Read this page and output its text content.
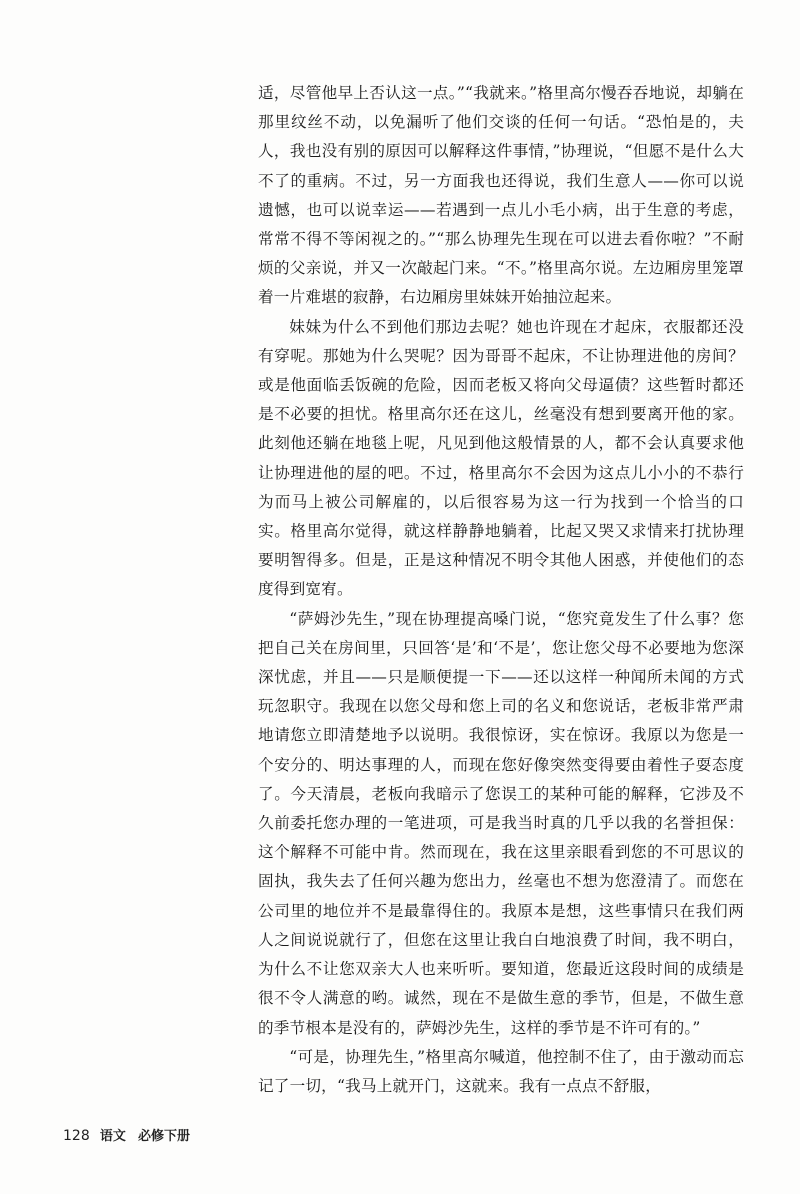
适，尽管他早上否认这一点。”“我就来。”格里高尔慢吞吞地说，却躺在那里纹丝不动，以免漏听了他们交谈的任何一句话。“恐怕是的，夫人，我也没有别的原因可以解释这件事情，”协理说，“但愿不是什么大不了的重病。不过，另一方面我也还得说，我们生意人——你可以说遗憾，也可以说幸运——若遇到一点儿小毛小病，出于生意的考虑，常常不得不等闲视之的。”“那么协理先生现在可以进去看你啦？”不耐烦的父亲说，并又一次敲起门来。“不。”格里高尔说。左边厢房里笼罩着一片难堪的寂静，右边厢房里妹妹开始抽泣起来。

妹妹为什么不到他们那边去呢？她也许现在才起床，衣服都还没有穿呢。那她为什么哭呢？因为哥哥不起床，不让协理进他的房间？或是他面临丢饭碗的危险，因而老板又将向父母逼债？这些暂时都还是不必要的担忧。格里高尔还在这儿，丝毫没有想到要离开他的家。此刻他还躺在地毯上呢，凡见到他这般情景的人，都不会认真要求他让协理进他的屋的吧。不过，格里高尔不会因为这点儿小小的不恭行为而马上被公司解雇的，以后很容易为这一行为找到一个恰当的口实。格里高尔觉得，就这样静静地躺着，比起又哭又求情来打扰协理要明智得多。但是，正是这种情况不明令其他人困惑，并使他们的态度得到宽宥。

“萨姆沙先生，”现在协理提高嗓门说，“您究竟发生了什么事？您把自己关在房间里，只回答‘是’和‘不是’，您让您父母不必要地为您深深忧虑，并且——只是顺便提一下——还以这样一种闻所未闻的方式玩忽职守。我现在以您父母和您上司的名义和您说话，老板非常严肃地请您立即清楚地予以说明。我很惊讶，实在惊讶。我原以为您是一个安分的、明达事理的人，而现在您好像突然变得要由着性子耍态度了。今天清晨，老板向我暗示了您误工的某种可能的解释，它涉及不久前委托您办理的一笔进项，可是我当时真的几乎以我的名誉担保：这个解释不可能中肯。然而现在，我在这里亲眼看到您的不可思议的固执，我失去了任何兴趣为您出力，丝毫也不想为您澄清了。而您在公司里的地位并不是最靠得住的。我原本是想，这些事情只在我们两人之间说说就行了，但您在这里让我白白地浪费了时间，我不明白，为什么不让您双亲大人也来听听。要知道，您最近这段时间的成绩是很不令人满意的哟。诚然，现在不是做生意的季节，但是，不做生意的季节根本是没有的，萨姆沙先生，这样的季节是不许可有的。”

“可是，协理先生，”格里高尔喊道，他控制不住了，由于激动而忘记了一切，“我马上就开门，这就来。我有一点点不舒服，

128 语文 必修下册
